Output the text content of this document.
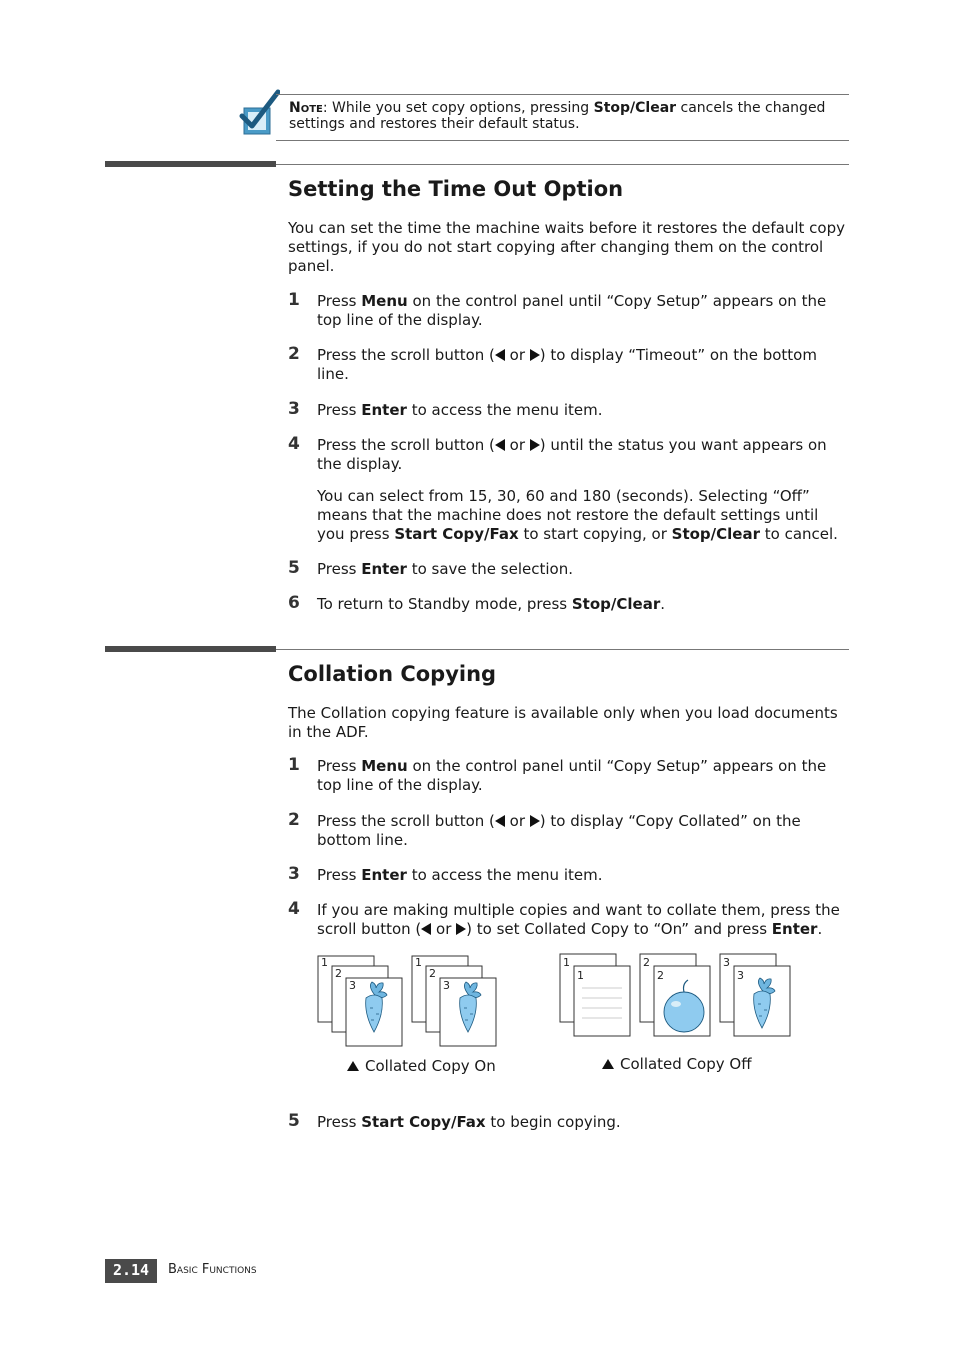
Note: While you set copy options, pressing Stop/Clear cancels the changed settings and restores their default status.
Setting the Time Out Option
You can set the time the machine waits before it restores the default copy settings, if you do not start copying after changing them on the control panel.
1 Press Menu on the control panel until “Copy Setup” appears on the top line of the display.
2 Press the scroll button ( or ) to display “Timeout” on the bottom line.
3 Press Enter to access the menu item.
4 Press the scroll button ( or ) until the status you want appears on the display.
You can select from 15, 30, 60 and 180 (seconds). Selecting “Off” means that the machine does not restore the default settings until you press Start Copy/Fax to start copying, or Stop/Clear to cancel.
5 Press Enter to save the selection.
6 To return to Standby mode, press Stop/Clear.
Collation Copying
The Collation copying feature is available only when you load documents in the ADF.
1 Press Menu on the control panel until “Copy Setup” appears on the top line of the display.
2 Press the scroll button ( or ) to display “Copy Collated” on the bottom line.
3 Press Enter to access the menu item.
4 If you are making multiple copies and want to collate them, press the scroll button ( or ) to set Collated Copy to “On” and press Enter.
1
2
3
1
2
3
1
1
2
2
3
3
Collated Copy On	Collated Copy Off
5 Press Start Copy/Fax to begin copying.
2.14	Basic Functions
